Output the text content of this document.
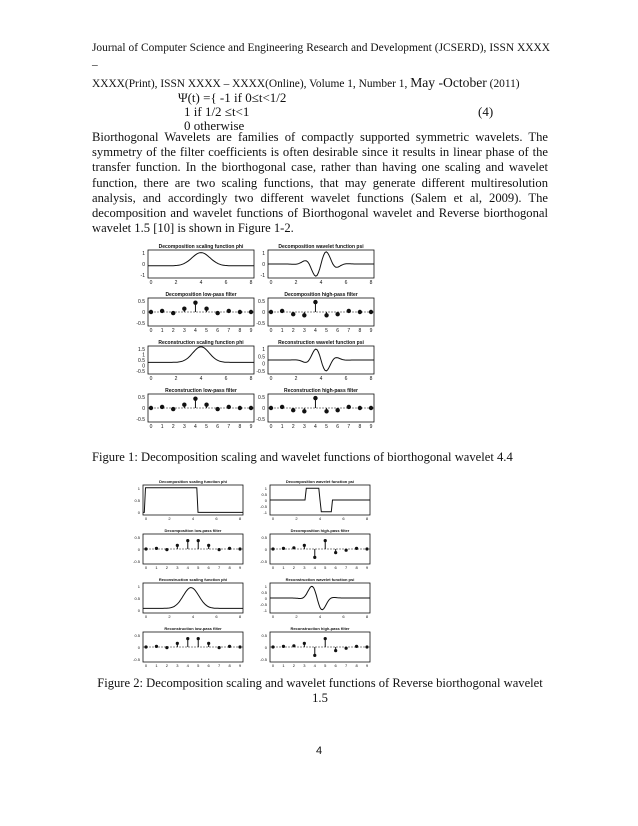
Journal of Computer Science and Engineering Research and Development (JCSERD), ISSN XXXX –
XXXX(Print), ISSN XXXX – XXXX(Online), Volume 1, Number 1, May -October (2011)
Ψ(t) ={ -1 if 0≤t<1/2
1 if 1/2 ≤t<1	(4)
0 otherwise
Biorthogonal Wavelets are families of compactly supported symmetric wavelets. The symmetry of the filter coefficients is often desirable since it results in linear phase of the transfer function. In the biorthogonal case, rather than having one scaling and wavelet function, there are two scaling functions, that may generate different multiresolution analysis, and accordingly two different wavelet functions (Salem et al, 2009). The decomposition and wavelet functions of Biorthogonal wavelet and Reverse biorthogonal wavelet 1.5 [10] is shown in Figure 1-2.
Decomposition scaling function phi
1
0
-1
0	2	4	6	8
Decomposition wavelet function psi
1
0
-1
0	2	4	6	8
Decomposition low-pass filter
0.5
0
-0.5
0 1 2 3 4 5 6 7 8 9
Decomposition high-pass filter
0.5
0
-0.5
0 1 2 3 4 5 6 7 8 9
Reconstruction scaling function phi
1.5
1
0.5
0
-0.5
0	2	4	6	8
Reconstruction wavelet function psi
1
0.5
0
-0.5
0	2	4	6	8
Reconstruction low-pass filter
0.5
0
-0.5
0 1 2 3 4 5 6 7 8 9
Reconstruction high-pass filter
0.5
0
-0.5
0 1 2 3 4 5 6 7 8 9
Figure 1: Decomposition scaling and wavelet functions of biorthogonal wavelet 4.4
Decomposition scaling function phi
1
0.5
0
0	2	4	6	8
Decomposition wavelet function psi
1
0.5
0
-0.5
-1
0	2	4	6	8
Decomposition low-pass filter
0.5
0
-0.5
0 1 2 3 4 5 6 7 8 9
Decomposition high-pass filter
0.5
0
-0.5
0 1 2 3 4 5 6 7 8 9
Reconstruction scaling function phi
1
0.5
0
0	2	4	6	8
Reconstruction wavelet function psi
1
0.5
0
-0.5
-1
0	2	4	6	8
Reconstruction low-pass filter
0.5
0
-0.5
0 1 2 3 4 5 6 7 8 9
Reconstruction high-pass filter
0.5
0
-0.5
0 1 2 3 4 5 6 7 8 9
Figure 2: Decomposition scaling and wavelet functions of Reverse biorthogonal wavelet
1.5
4
